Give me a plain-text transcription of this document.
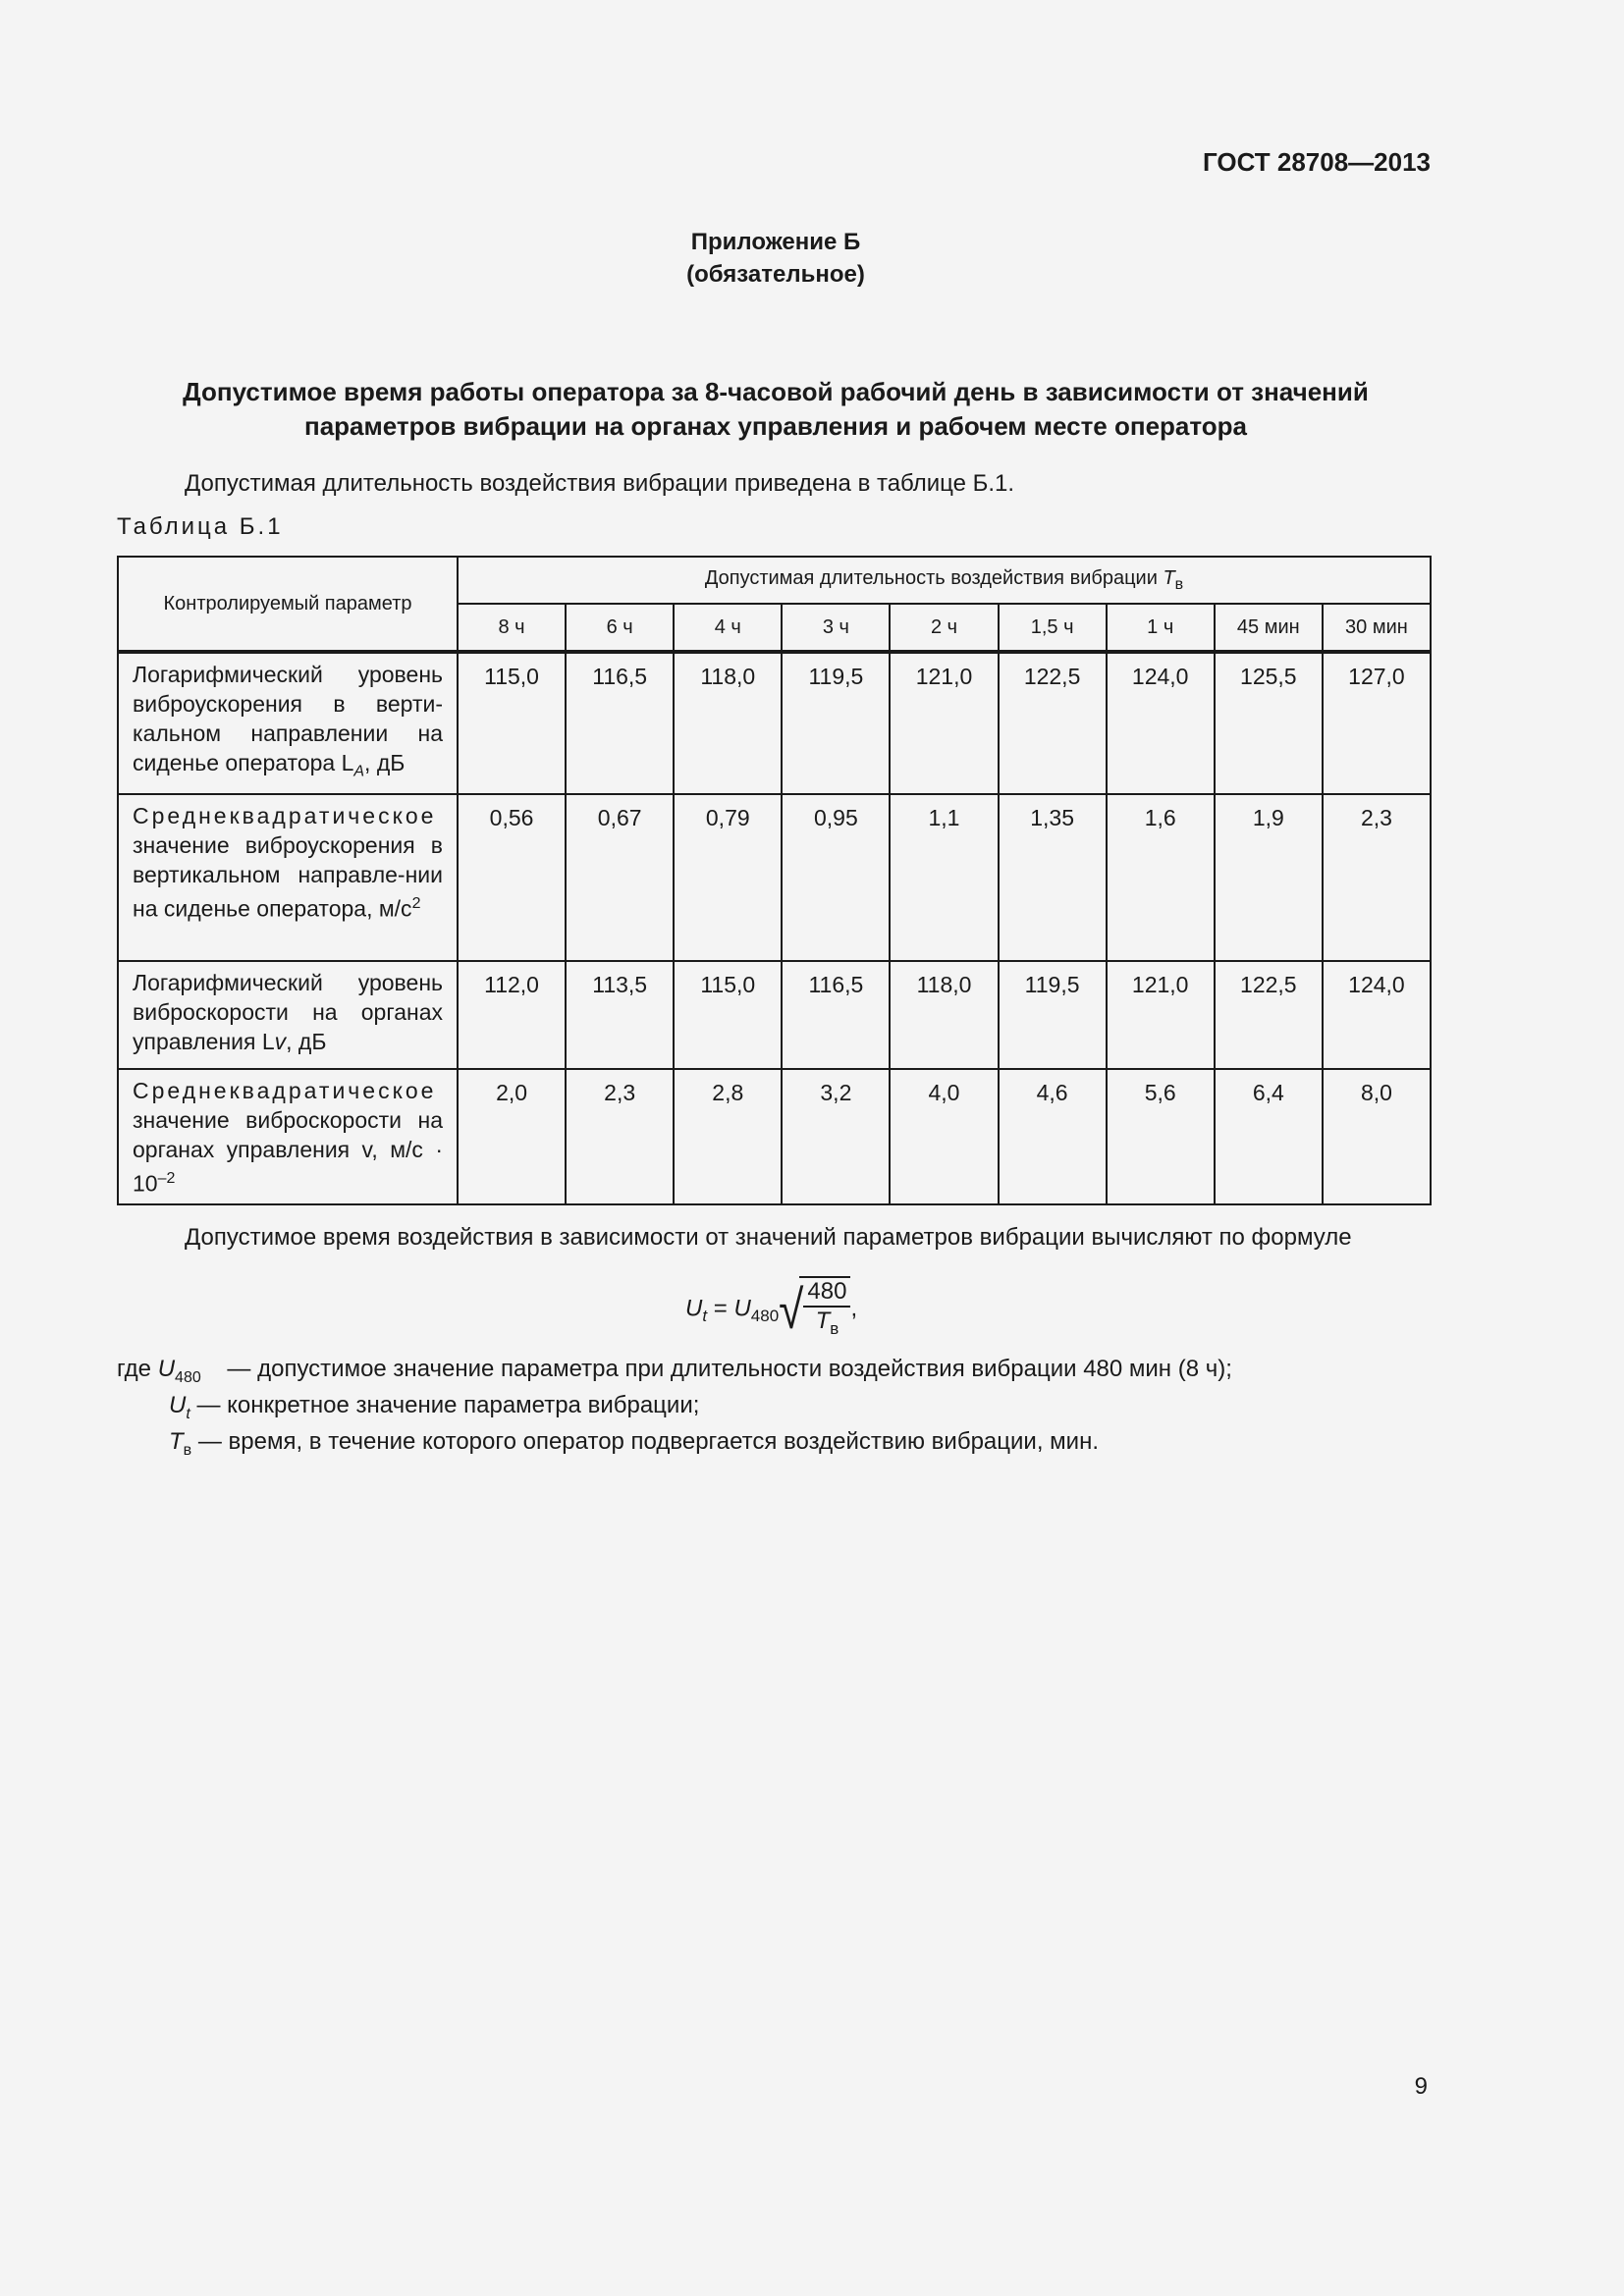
ГОСТ 28708—2013
Приложение Б
(обязательное)
Допустимое время работы оператора за 8-часовой рабочий день в зависимости от значений
параметров вибрации на органах управления и рабочем месте оператора
Допустимая длительность воздействия вибрации приведена в таблице Б.1.
Таблица Б.1
Контролируемый параметр	Допустимая длительность воздействия вибрации $T_в$
	8 ч	6 ч	4 ч	3 ч	2 ч	1,5 ч	1 ч	45 мин	30 мин
Логарифмический уровень виброускорения в верти-кальном направлении на сиденье оператора $L_A$, дБ	115,0	116,5	118,0	119,5	121,0	122,5	124,0	125,5	127,0
Среднеквадратическое значение виброускорения в вертикальном направле-нии на сиденье оператора, $м/с^2$	0,56	0,67	0,79	0,95	1,1	1,35	1,6	1,9	2,3
Логарифмический уровень виброскорости на органах управления Lv, дБ	112,0	113,5	115,0	116,5	118,0	119,5	121,0	122,5	124,0
Среднеквадратическое значение виброскорости на органах управления v, $м/с \cdot 10^{-2}$	2,0	2,3	2,8	3,2	4,0	4,6	5,6	6,4	8,0
Допустимое время воздействия в зависимости от значений параметров вибрации вычисляют по формуле
$U_t = U_{480}√ \frac{480}{T_в}$ ,
где $U_{480}$ — допустимое значение параметра при длительности воздействия вибрации 480 мин (8 ч);
$U_t$ — конкретное значение параметра вибрации;
$T_в$ — время, в течение которого оператор подвергается воздействию вибрации, мин.
9
